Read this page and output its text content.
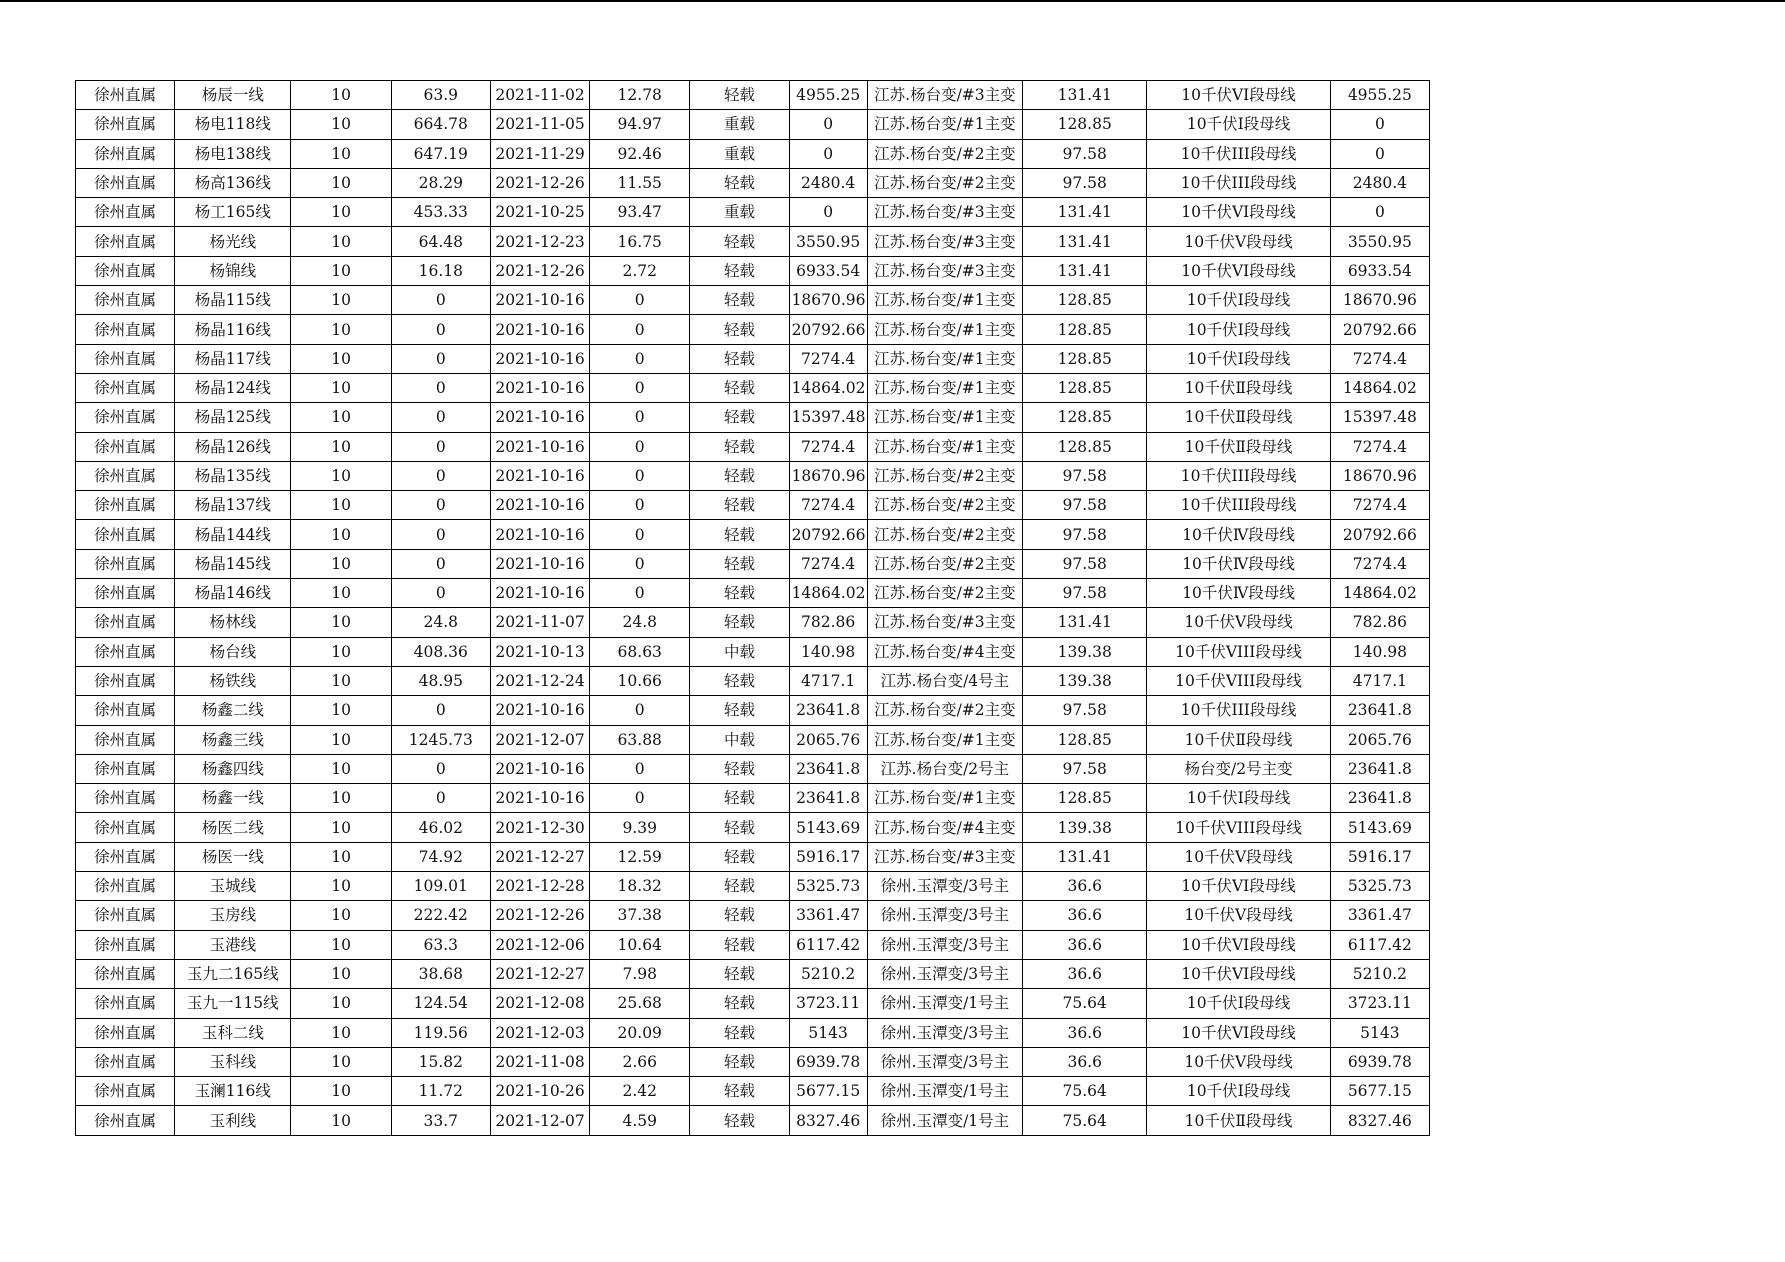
徐州直属	杨辰一线	10	63.9	2021-11-02	12.78	轻载	4955.25	江苏.杨台变/#3主变	131.41	10千伏VI段母线	4955.25
徐州直属	杨电118线	10	664.78	2021-11-05	94.97	重载	0	江苏.杨台变/#1主变	128.85	10千伏Ⅰ段母线	0
徐州直属	杨电138线	10	647.19	2021-11-29	92.46	重载	0	江苏.杨台变/#2主变	97.58	10千伏III段母线	0
徐州直属	杨高136线	10	28.29	2021-12-26	11.55	轻载	2480.4	江苏.杨台变/#2主变	97.58	10千伏III段母线	2480.4
徐州直属	杨工165线	10	453.33	2021-10-25	93.47	重载	0	江苏.杨台变/#3主变	131.41	10千伏VI段母线	0
徐州直属	杨光线	10	64.48	2021-12-23	16.75	轻载	3550.95	江苏.杨台变/#3主变	131.41	10千伏Ⅴ段母线	3550.95
徐州直属	杨锦线	10	16.18	2021-12-26	2.72	轻载	6933.54	江苏.杨台变/#3主变	131.41	10千伏VI段母线	6933.54
徐州直属	杨晶115线	10	0	2021-10-16	0	轻载	18670.96	江苏.杨台变/#1主变	128.85	10千伏Ⅰ段母线	18670.96
徐州直属	杨晶116线	10	0	2021-10-16	0	轻载	20792.66	江苏.杨台变/#1主变	128.85	10千伏Ⅰ段母线	20792.66
徐州直属	杨晶117线	10	0	2021-10-16	0	轻载	7274.4	江苏.杨台变/#1主变	128.85	10千伏Ⅰ段母线	7274.4
徐州直属	杨晶124线	10	0	2021-10-16	0	轻载	14864.02	江苏.杨台变/#1主变	128.85	10千伏Ⅱ段母线	14864.02
徐州直属	杨晶125线	10	0	2021-10-16	0	轻载	15397.48	江苏.杨台变/#1主变	128.85	10千伏Ⅱ段母线	15397.48
徐州直属	杨晶126线	10	0	2021-10-16	0	轻载	7274.4	江苏.杨台变/#1主变	128.85	10千伏Ⅱ段母线	7274.4
徐州直属	杨晶135线	10	0	2021-10-16	0	轻载	18670.96	江苏.杨台变/#2主变	97.58	10千伏III段母线	18670.96
徐州直属	杨晶137线	10	0	2021-10-16	0	轻载	7274.4	江苏.杨台变/#2主变	97.58	10千伏III段母线	7274.4
徐州直属	杨晶144线	10	0	2021-10-16	0	轻载	20792.66	江苏.杨台变/#2主变	97.58	10千伏Ⅳ段母线	20792.66
徐州直属	杨晶145线	10	0	2021-10-16	0	轻载	7274.4	江苏.杨台变/#2主变	97.58	10千伏Ⅳ段母线	7274.4
徐州直属	杨晶146线	10	0	2021-10-16	0	轻载	14864.02	江苏.杨台变/#2主变	97.58	10千伏Ⅳ段母线	14864.02
徐州直属	杨林线	10	24.8	2021-11-07	24.8	轻载	782.86	江苏.杨台变/#3主变	131.41	10千伏Ⅴ段母线	782.86
徐州直属	杨台线	10	408.36	2021-10-13	68.63	中载	140.98	江苏.杨台变/#4主变	139.38	10千伏VIII段母线	140.98
徐州直属	杨铁线	10	48.95	2021-12-24	10.66	轻载	4717.1	江苏.杨台变/4号主	139.38	10千伏VIII段母线	4717.1
徐州直属	杨鑫二线	10	0	2021-10-16	0	轻载	23641.8	江苏.杨台变/#2主变	97.58	10千伏III段母线	23641.8
徐州直属	杨鑫三线	10	1245.73	2021-12-07	63.88	中载	2065.76	江苏.杨台变/#1主变	128.85	10千伏Ⅱ段母线	2065.76
徐州直属	杨鑫四线	10	0	2021-10-16	0	轻载	23641.8	江苏.杨台变/2号主	97.58	杨台变/2号主变	23641.8
徐州直属	杨鑫一线	10	0	2021-10-16	0	轻载	23641.8	江苏.杨台变/#1主变	128.85	10千伏Ⅰ段母线	23641.8
徐州直属	杨医二线	10	46.02	2021-12-30	9.39	轻载	5143.69	江苏.杨台变/#4主变	139.38	10千伏VIII段母线	5143.69
徐州直属	杨医一线	10	74.92	2021-12-27	12.59	轻载	5916.17	江苏.杨台变/#3主变	131.41	10千伏Ⅴ段母线	5916.17
徐州直属	玉城线	10	109.01	2021-12-28	18.32	轻载	5325.73	徐州.玉潭变/3号主	36.6	10千伏VI段母线	5325.73
徐州直属	玉房线	10	222.42	2021-12-26	37.38	轻载	3361.47	徐州.玉潭变/3号主	36.6	10千伏Ⅴ段母线	3361.47
徐州直属	玉港线	10	63.3	2021-12-06	10.64	轻载	6117.42	徐州.玉潭变/3号主	36.6	10千伏VI段母线	6117.42
徐州直属	玉九二165线	10	38.68	2021-12-27	7.98	轻载	5210.2	徐州.玉潭变/3号主	36.6	10千伏VI段母线	5210.2
徐州直属	玉九一115线	10	124.54	2021-12-08	25.68	轻载	3723.11	徐州.玉潭变/1号主	75.64	10千伏Ⅰ段母线	3723.11
徐州直属	玉科二线	10	119.56	2021-12-03	20.09	轻载	5143	徐州.玉潭变/3号主	36.6	10千伏VI段母线	5143
徐州直属	玉科线	10	15.82	2021-11-08	2.66	轻载	6939.78	徐州.玉潭变/3号主	36.6	10千伏Ⅴ段母线	6939.78
徐州直属	玉澜116线	10	11.72	2021-10-26	2.42	轻载	5677.15	徐州.玉潭变/1号主	75.64	10千伏Ⅰ段母线	5677.15
徐州直属	玉利线	10	33.7	2021-12-07	4.59	轻载	8327.46	徐州.玉潭变/1号主	75.64	10千伏Ⅱ段母线	8327.46
